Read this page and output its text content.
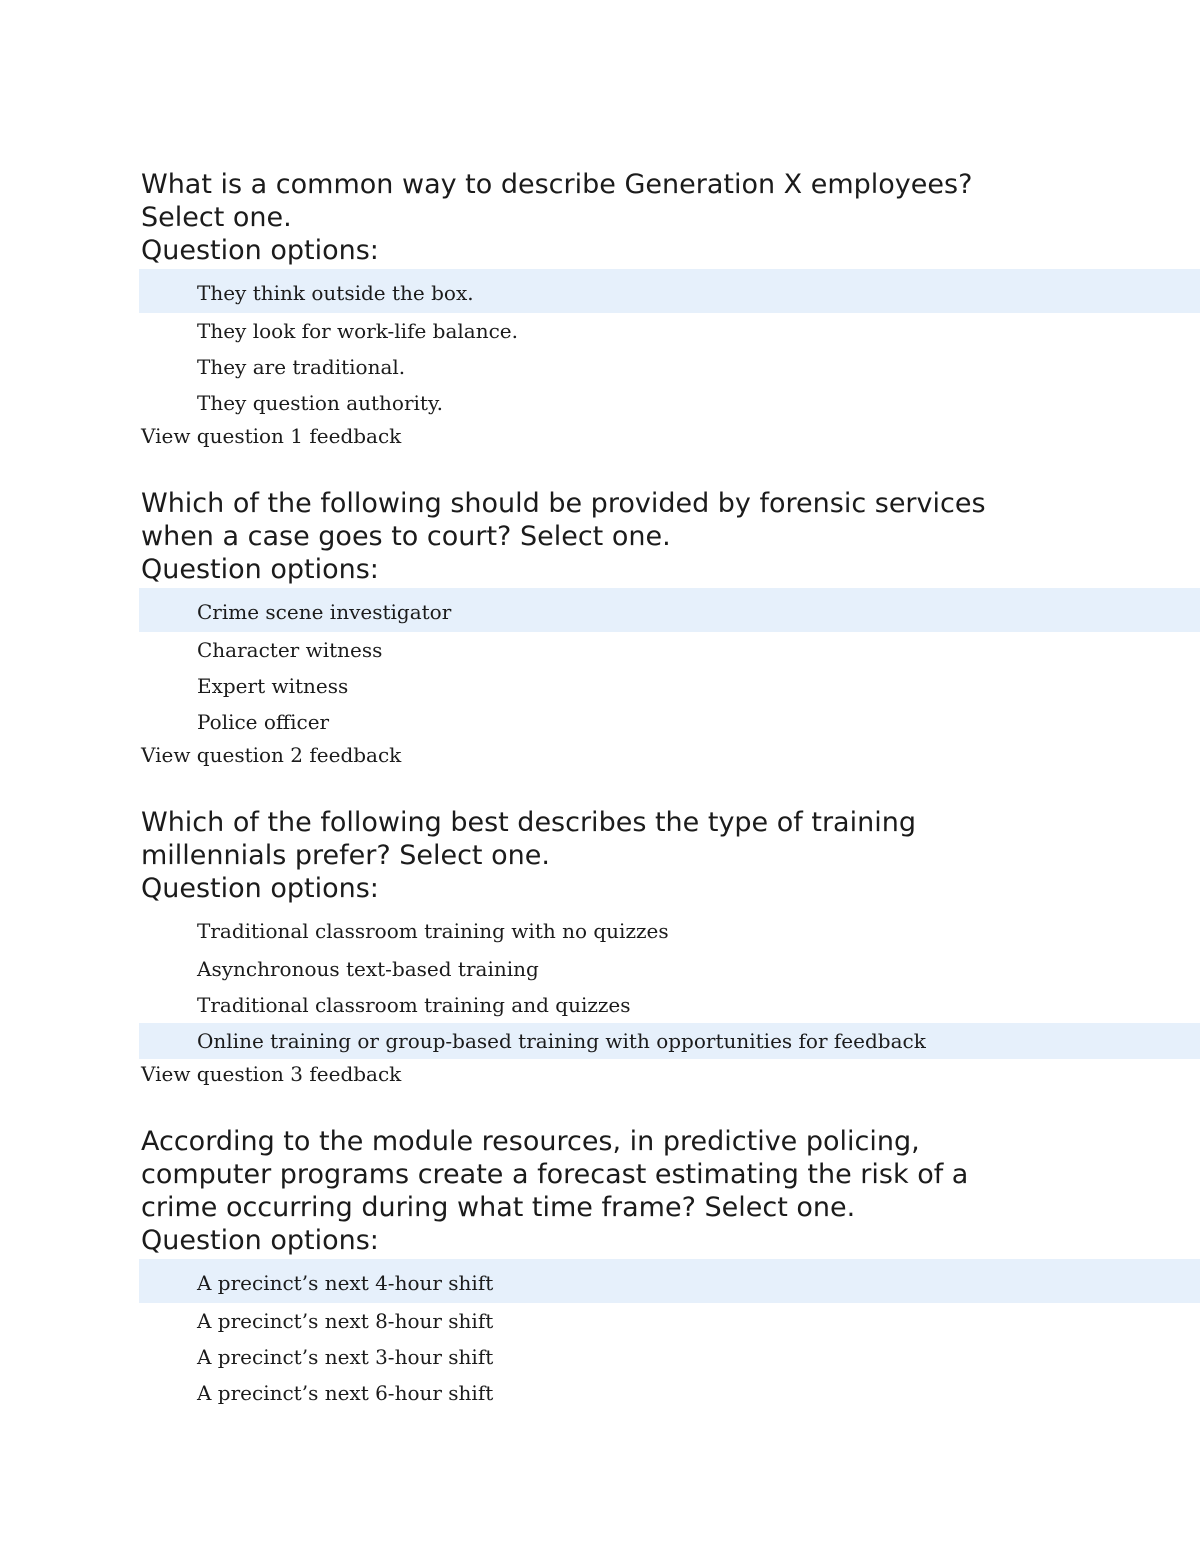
What is a common way to describe Generation X employees?
Select one.

Question options:

They think outside the box.
They look for work-life balance.
They are traditional.
They question authority.
View question 1 feedback

Which of the following should be provided by forensic services
when a case goes to court? Select one.

Question options:

Crime scene investigator
Character witness
Expert witness
Police officer
View question 2 feedback

Which of the following best describes the type of training
millennials prefer? Select one.

Question options:

Traditional classroom training with no quizzes
Asynchronous text-based training
Traditional classroom training and quizzes
Online training or group-based training with opportunities for feedback
View question 3 feedback

According to the module resources, in predictive policing,
computer programs create a forecast estimating the risk of a
crime occurring during what time frame? Select one.

Question options:

A precinct’s next 4-hour shift
A precinct’s next 8-hour shift
A precinct’s next 3-hour shift
A precinct’s next 6-hour shift
